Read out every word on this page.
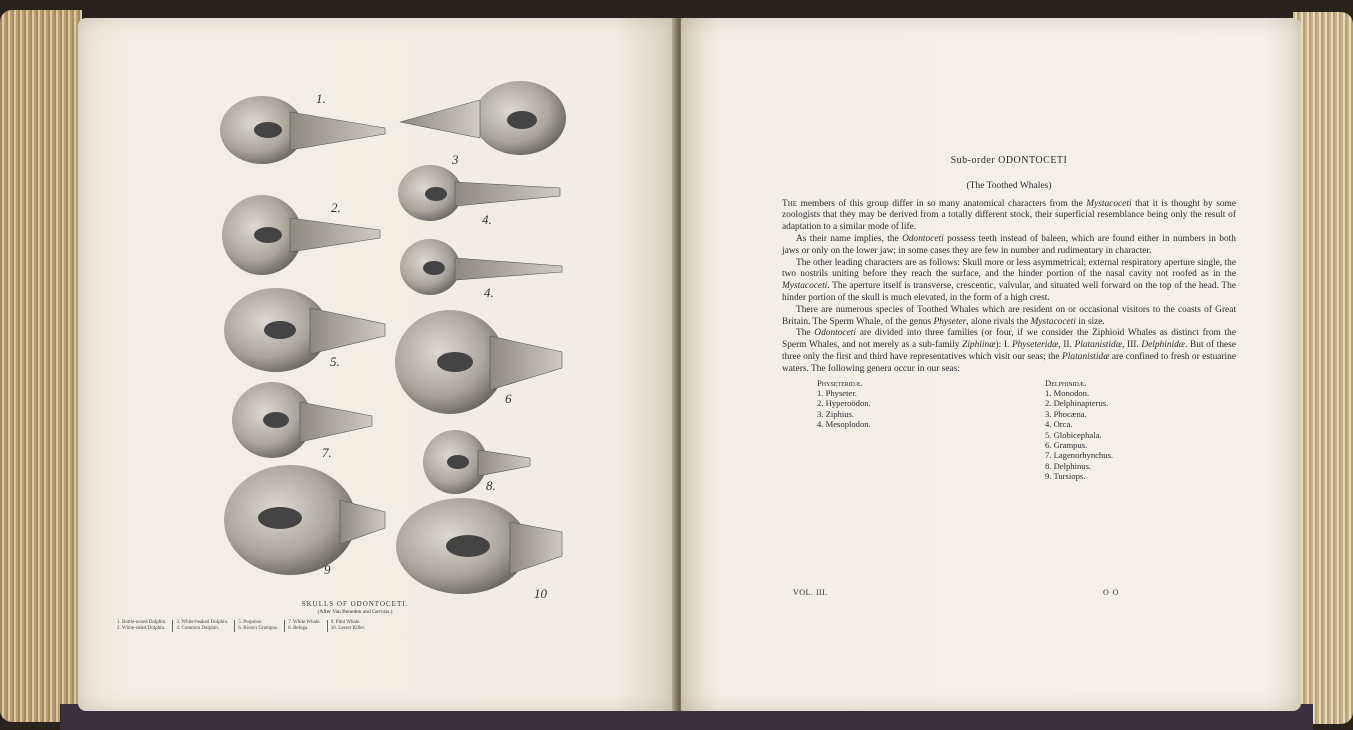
1.
2.
3
4.
4.
5.
6
7.
8.
9
10
SKULLS OF ODONTOCETI.
(After Van Beneden and Gervais.)
1. Bottle-nosed Dolphin.
2. White-sided Dolphin.
3. White-beaked Dolphin.
4. Common Dolphin.
5. Porpoise.
6. Risso's Grampus.
7. White Whale.
8. Beluga.
9. Pilot Whale.
10. Lesser Killer.
Sub-order ODONTOCETI
(The Toothed Whales)

The members of this group differ in so many anatomical characters from the Mystacoceti that it is thought by some zoologists that they may be derived from a totally different stock, their superficial resemblance being only the result of adaptation to a similar mode of life.

As their name implies, the Odontoceti possess teeth instead of baleen, which are found either in numbers in both jaws or only on the lower jaw; in some cases they are few in number and rudimentary in character.

The other leading characters are as follows: Skull more or less asymmetrical; external respiratory aperture single, the two nostrils uniting before they reach the surface, and the hinder portion of the nasal cavity not roofed as in the Mystacoceti. The aperture itself is transverse, crescentic, valvular, and situated well forward on the top of the head. The hinder portion of the skull is much elevated, in the form of a high crest.

There are numerous species of Toothed Whales which are resident on or occasional visitors to the coasts of Great Britain. The Sperm Whale, of the genus Physeter, alone rivals the Mystacoceti in size.

The Odontoceti are divided into three families (or four, if we consider the Ziphioid Whales as distinct from the Sperm Whales, and not merely as a sub-family Ziphiinæ): I. Physeteridæ, II. Platanistidæ, III. Delphinidæ. But of these three only the first and third have representatives which visit our seas; the Platanistidæ are confined to fresh or estuarine waters. The following genera occur in our seas:

Physeteridæ.
1. Physeter.
2. Hyperoödon.
3. Ziphius.
4. Mesoplodon.
Delphinidæ.
1. Monodon.
2. Delphinapterus.
3. Phocæna.
4. Orca.
5. Globicephala.
6. Grampus.
7. Lagenorhynchus.
8. Delphinus.
9. Tursiops.
VOL. III.	O O
